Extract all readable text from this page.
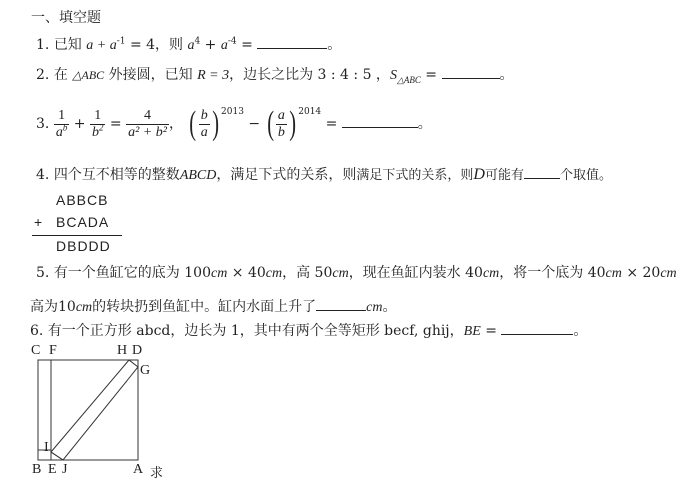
一、填空题
1. 已知 $a + a^{-1} = 4$，则 $a^4 + a^{-4}$ =	。
2. 在 △ABC 外接圆，已知 R = 3，边长之比为 3 : 4 : 5 ，$S_{\triangle ABC}$ =	。
3. $\frac{1}{a^b} + \frac{1}{b^2} = \frac{4}{\text{a² + b²}}$ ， ( $\frac{b}{a}$ ) $^{2013}$ − ( $\frac{a}{b}$ ) $^{2014}$ =	。
4. 四个互不相等的整数ABCD，满足下式的关系，则满足下式的关系，则D可能有	个取值。
ABBCB
+ BCADA
DBDDD
5. 有一个鱼缸它的底为 100cm × 40cm，高 50cm，现在鱼缸内装水 40cm，将一个底为 40cm × 20cm
高为10cm的转块扔到鱼缸中。缸内水面上升了	cm。
6. 有一个正方形 abcd，边长为 1，其中有两个全等矩形 becf, ghij，BE =	。
C F	H D
G
I
B E J	A 求
